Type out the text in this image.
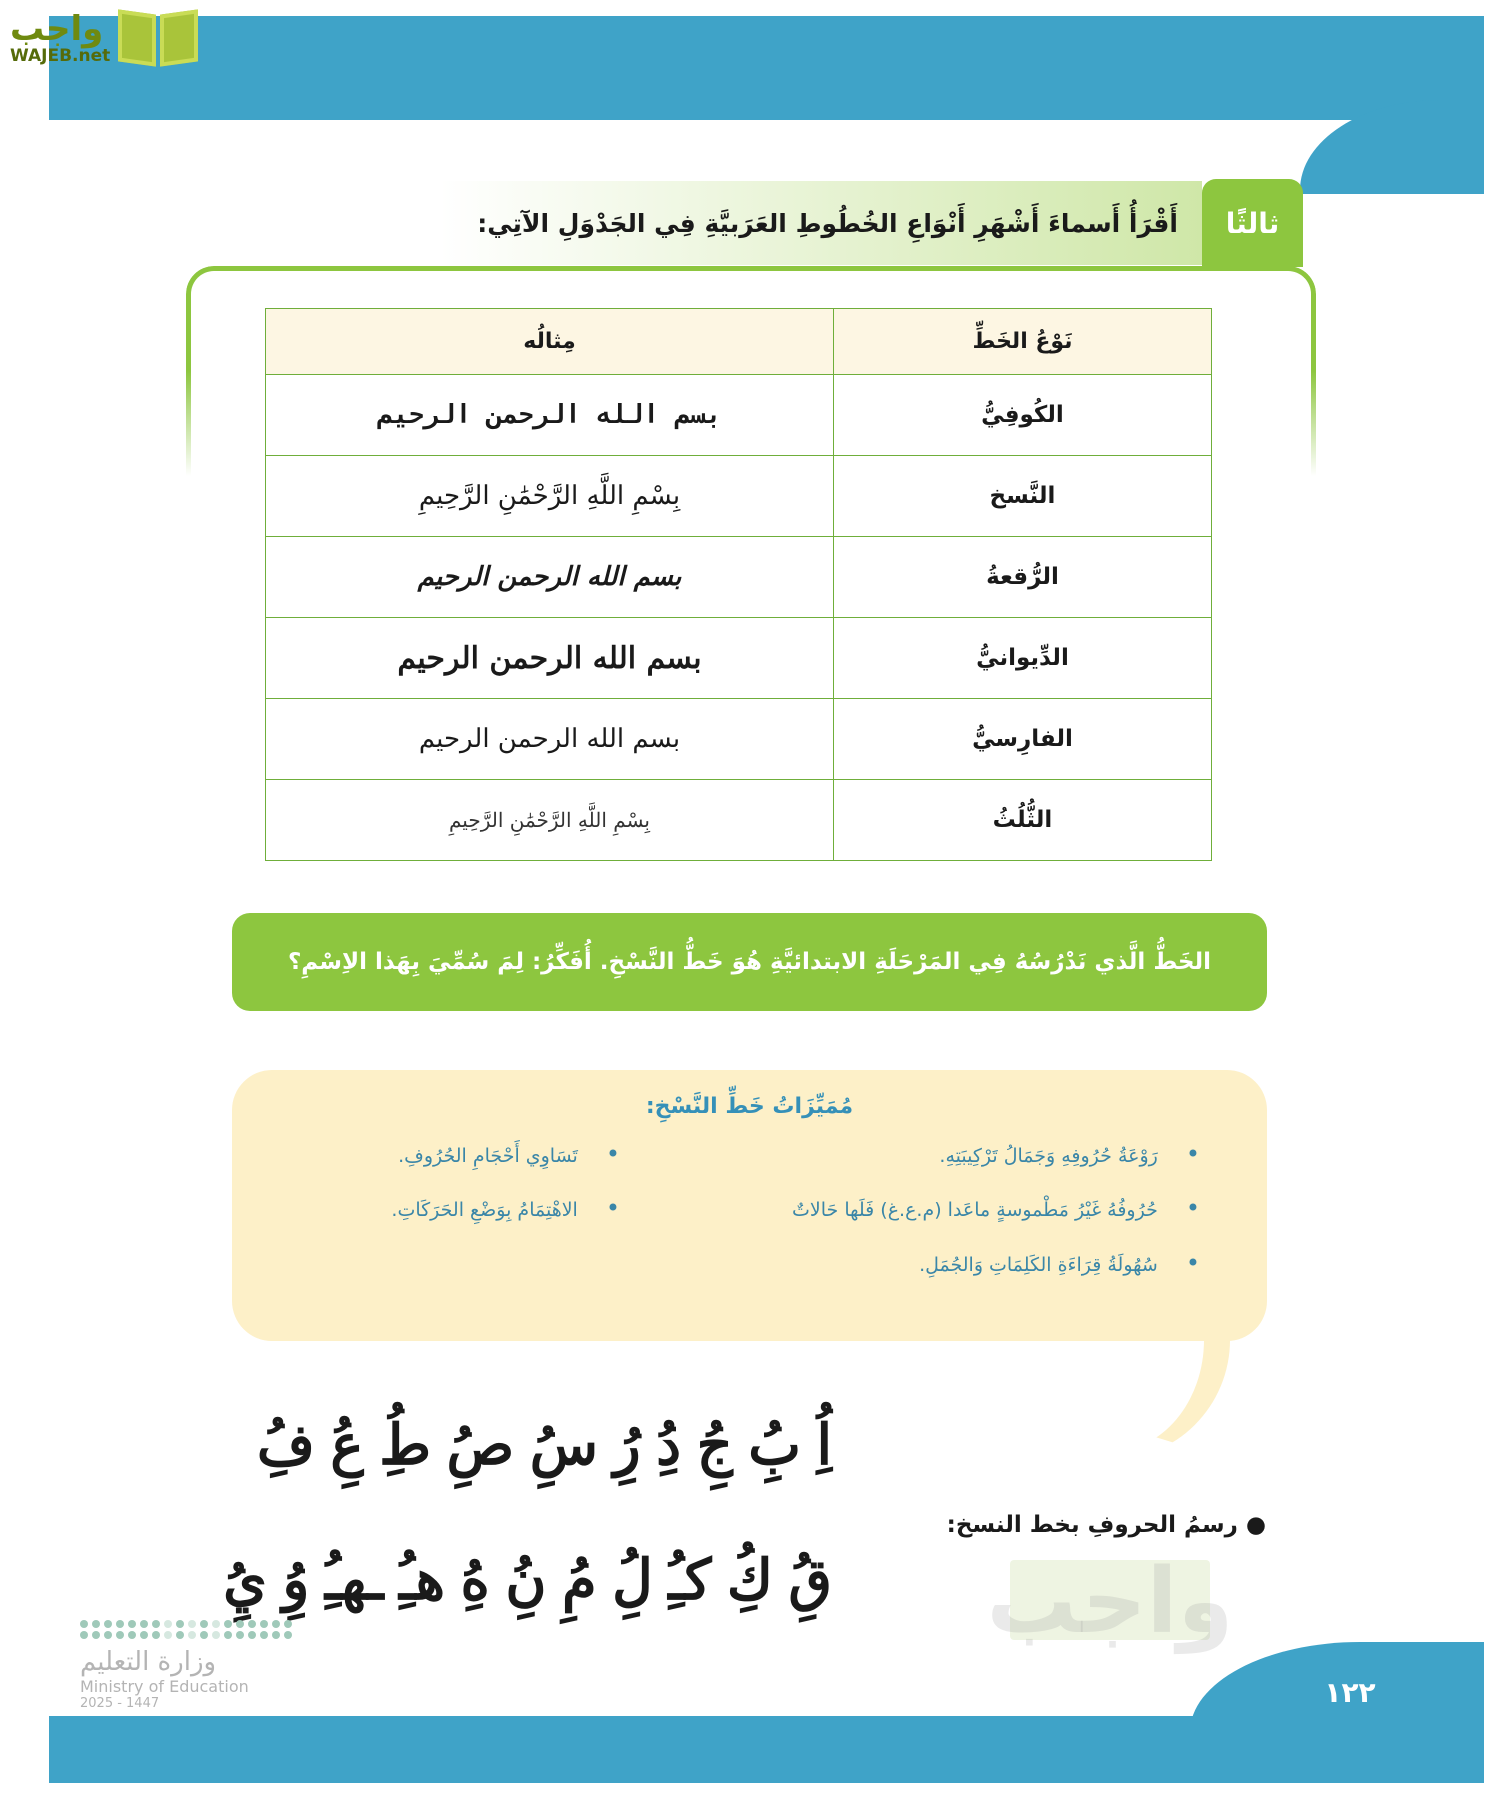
واجب
WAJEB.net
أَقْرَأُ أَسماءَ أَشْهَرِ أَنْوَاعِ الخُطُوطِ العَرَبيَّةِ فِي الجَدْوَلِ الآتِي:	ثالثًا
نَوْعُ الخَطِّ	مِثالُه
الكُوفِيُّ	بسم الله الرحمن الرحيم
النَّسخ	بِسْمِ اللَّهِ الرَّحْمَٰنِ الرَّحِيمِ
الرُّقعةُ	بسم الله الرحمن الرحيم
الدِّيوانيُّ	بسم الله الرحمن الرحيم
الفارِسيُّ	بسم الله الرحمن الرحيم
الثُّلُثُ	بِسْمِ اللَّهِ الرَّحْمَٰنِ الرَّحِيمِ
الخَطُّ الَّذي نَدْرُسُهُ فِي المَرْحَلَةِ الابتدائيَّةِ هُوَ خَطُّ النَّسْخِ. أُفَكِّرُ: لِمَ سُمِّيَ بِهَذا الاِسْمِ؟
مُمَيِّزَاتُ خَطِّ النَّسْخِ:
• رَوْعَةُ حُرُوفِهِ وَجَمَالُ تَرْكِيبَتِهِ.
• حُرُوفُهُ غَيْرُ مَطْموسةٍ ماعَدا (م.ع.غ) فَلَها حَالاتٌ
• سُهُولَةُ قِرَاءَةِ الكَلِمَاتِ وَالجُمَلِ.
• تَسَاوِي أَحْجَامِ الحُرُوفِ.
• الاهْتِمَامُ بِوَضْعِ الحَرَكَاتِ.
اُِ بُِ جُِ دُِ رُِ سُِ صُِ طُِ عُِ فُِ
قُِ كُِ كـُِ لُِ مُِ نُِ هُِ هـُِ ـهـُِ وُِ يُِ
● رسمُ الحروفِ بخط النسخ:
وزارة التعليم
Ministry of Education
2025 - 1447	١٢٢
واجب
